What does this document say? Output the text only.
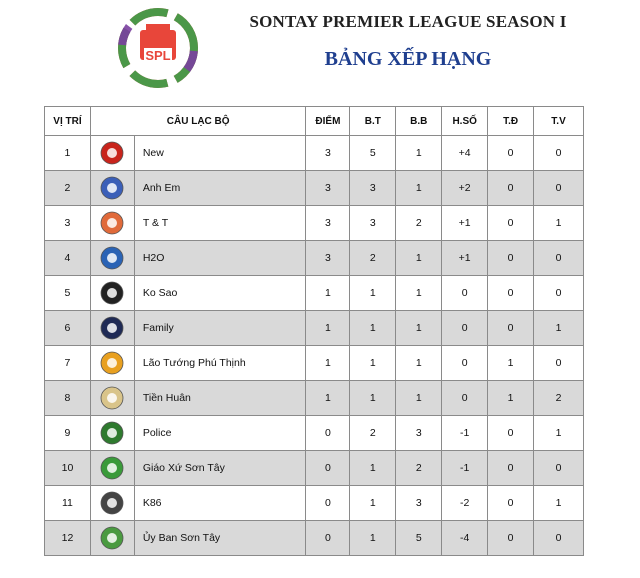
SPL
SONTAY PREMIER LEAGUE SEASON I
BẢNG XẾP HẠNG
VỊ TRÍ	CÂU LẠC BỘ		ĐIỂM	B.T	B.B	H.SỐ	T.Đ	T.V
1		New	3	5	1	+4	0	0
2		Anh Em	3	3	1	+2	0	0
3		T & T	3	3	2	+1	0	1
4		H2O	3	2	1	+1	0	0
5		Ko Sao	1	1	1	0	0	0
6		Family	1	1	1	0	0	1
7		Lão Tướng Phú Thịnh	1	1	1	0	1	0
8		Tiền Huân	1	1	1	0	1	2
9		Police	0	2	3	-1	0	1
10		Giáo Xứ Sơn Tây	0	1	2	-1	0	0
11		K86	0	1	3	-2	0	1
12		Ủy Ban Sơn Tây	0	1	5	-4	0	0
